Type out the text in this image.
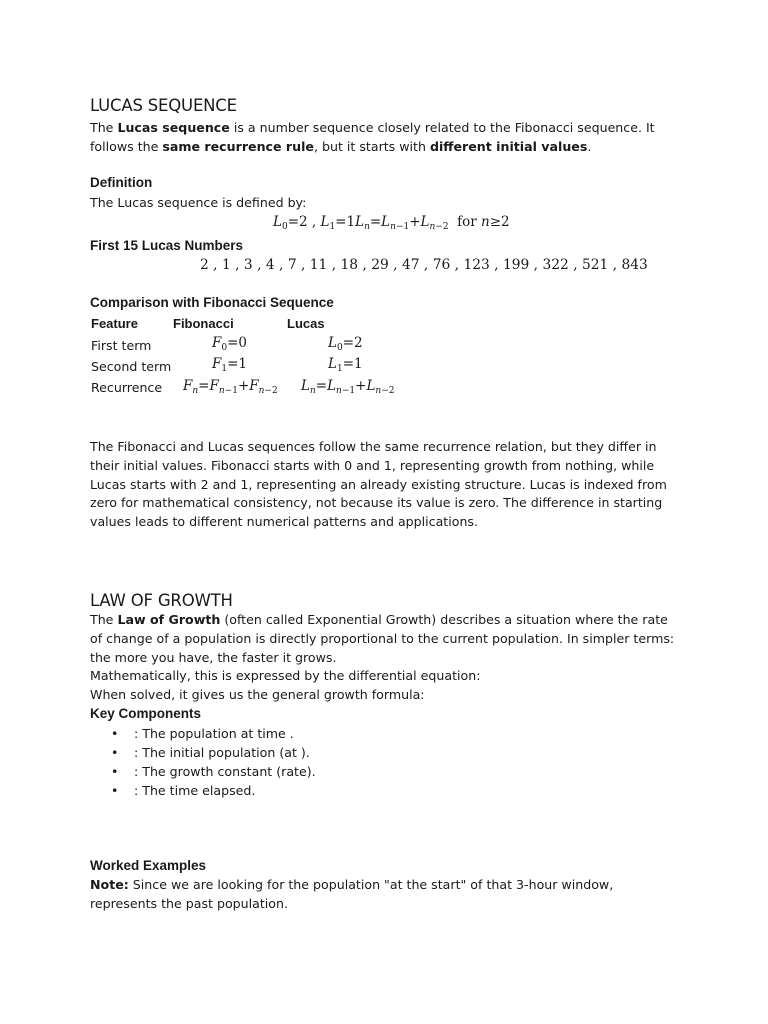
LUCAS SEQUENCE

The Lucas sequence is a number sequence closely related to the Fibonacci sequence. It follows the same recurrence rule, but it starts with different initial values.

Definition
The Lucas sequence is defined by:
$L_0=2$ , $L_1=1L_n=L_{n-1}+L_{n-2}$ for n≥2
First 15 Lucas Numbers
2 , 1 , 3 , 4 , 7 , 11 , 18 , 29 , 47 , 76 , 123 , 199 , 322 , 521 , 843
Comparison with Fibonacci Sequence
Feature	Fibonacci	Lucas
First term	$F_0=0$	$L_0=2$
Second term	$F_1=1$	$L_1=1$
Recurrence $F_n=F_{n-1}+F_{n-2}$ $L_n=L_{n-1}+L_{n-2}$

The Fibonacci and Lucas sequences follow the same recurrence relation, but they differ in their initial values. Fibonacci starts with 0 and 1, representing growth from nothing, while Lucas starts with 2 and 1, representing an already existing structure. Lucas is indexed from zero for mathematical consistency, not because its value is zero. The difference in starting values leads to different numerical patterns and applications.

LAW OF GROWTH

The Law of Growth (often called Exponential Growth) describes a situation where the rate of change of a population is directly proportional to the current population. In simpler terms: the more you have, the faster it grows.

Mathematically, this is expressed by the differential equation:
When solved, it gives us the general growth formula:
Key Components
• : The population at time .
• : The initial population (at ).
• : The growth constant (rate).
• : The time elapsed.
Worked Examples

Note: Since we are looking for the population "at the start" of that 3-hour window, represents the past population.
